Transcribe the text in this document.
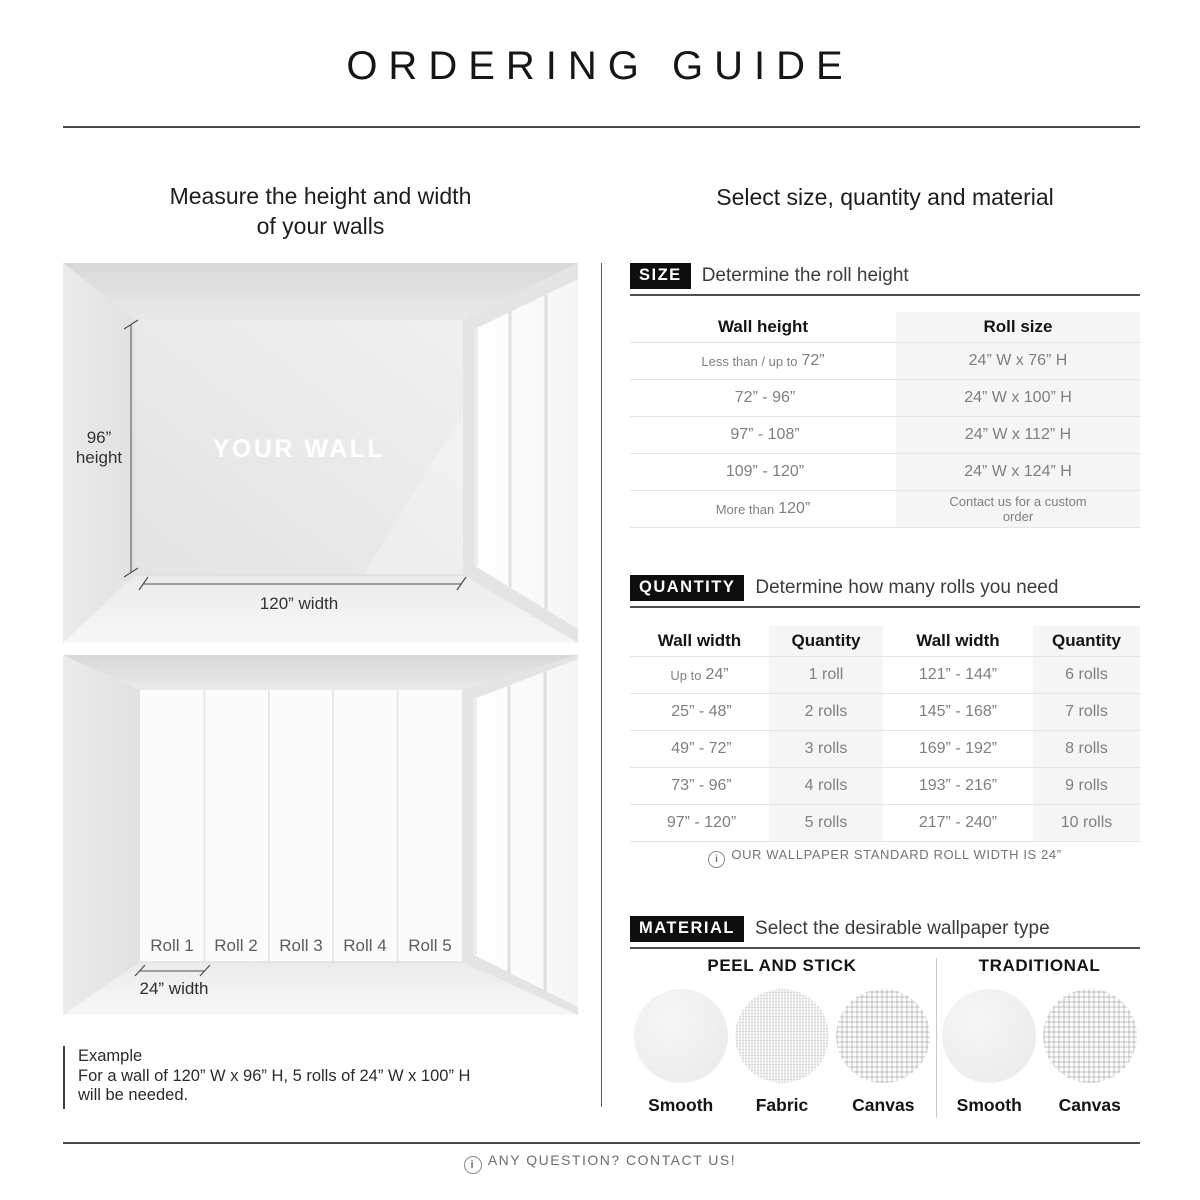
ORDERING GUIDE
Measure the height and width
of your walls
Select size, quantity and material
96”
height	YOUR WALL
120” width
Roll 1	Roll 2	Roll 3	Roll 4	Roll 5
24” width
Example
For a wall of 120” W x 96” H, 5 rolls of 24” W x 100” H
will be needed.
SIZE	Determine the roll height
Wall height	Roll size
Less than / up to 72”	24” W x 76” H
72” - 96”	24” W x 100” H
97” - 108”	24” W x 112” H
109” - 120”	24” W x 124” H
More than 120”	Contact us for a custom order
QUANTITY	Determine how many rolls you need
Wall width	Quantity	Wall width	Quantity
Up to 24”	1 roll	121” - 144”	6 rolls
25” - 48”	2 rolls	145” - 168”	7 rolls
49” - 72”	3 rolls	169” - 192”	8 rolls
73” - 96”	4 rolls	193” - 216”	9 rolls
97” - 120”	5 rolls	217” - 240”	10 rolls
i OUR WALLPAPER STANDARD ROLL WIDTH IS 24”
MATERIAL	Select the desirable wallpaper type
PEEL AND STICK
Smooth Fabric	Canvas
TRADITIONAL
Smooth Canvas
i ANY QUESTION? CONTACT US!
